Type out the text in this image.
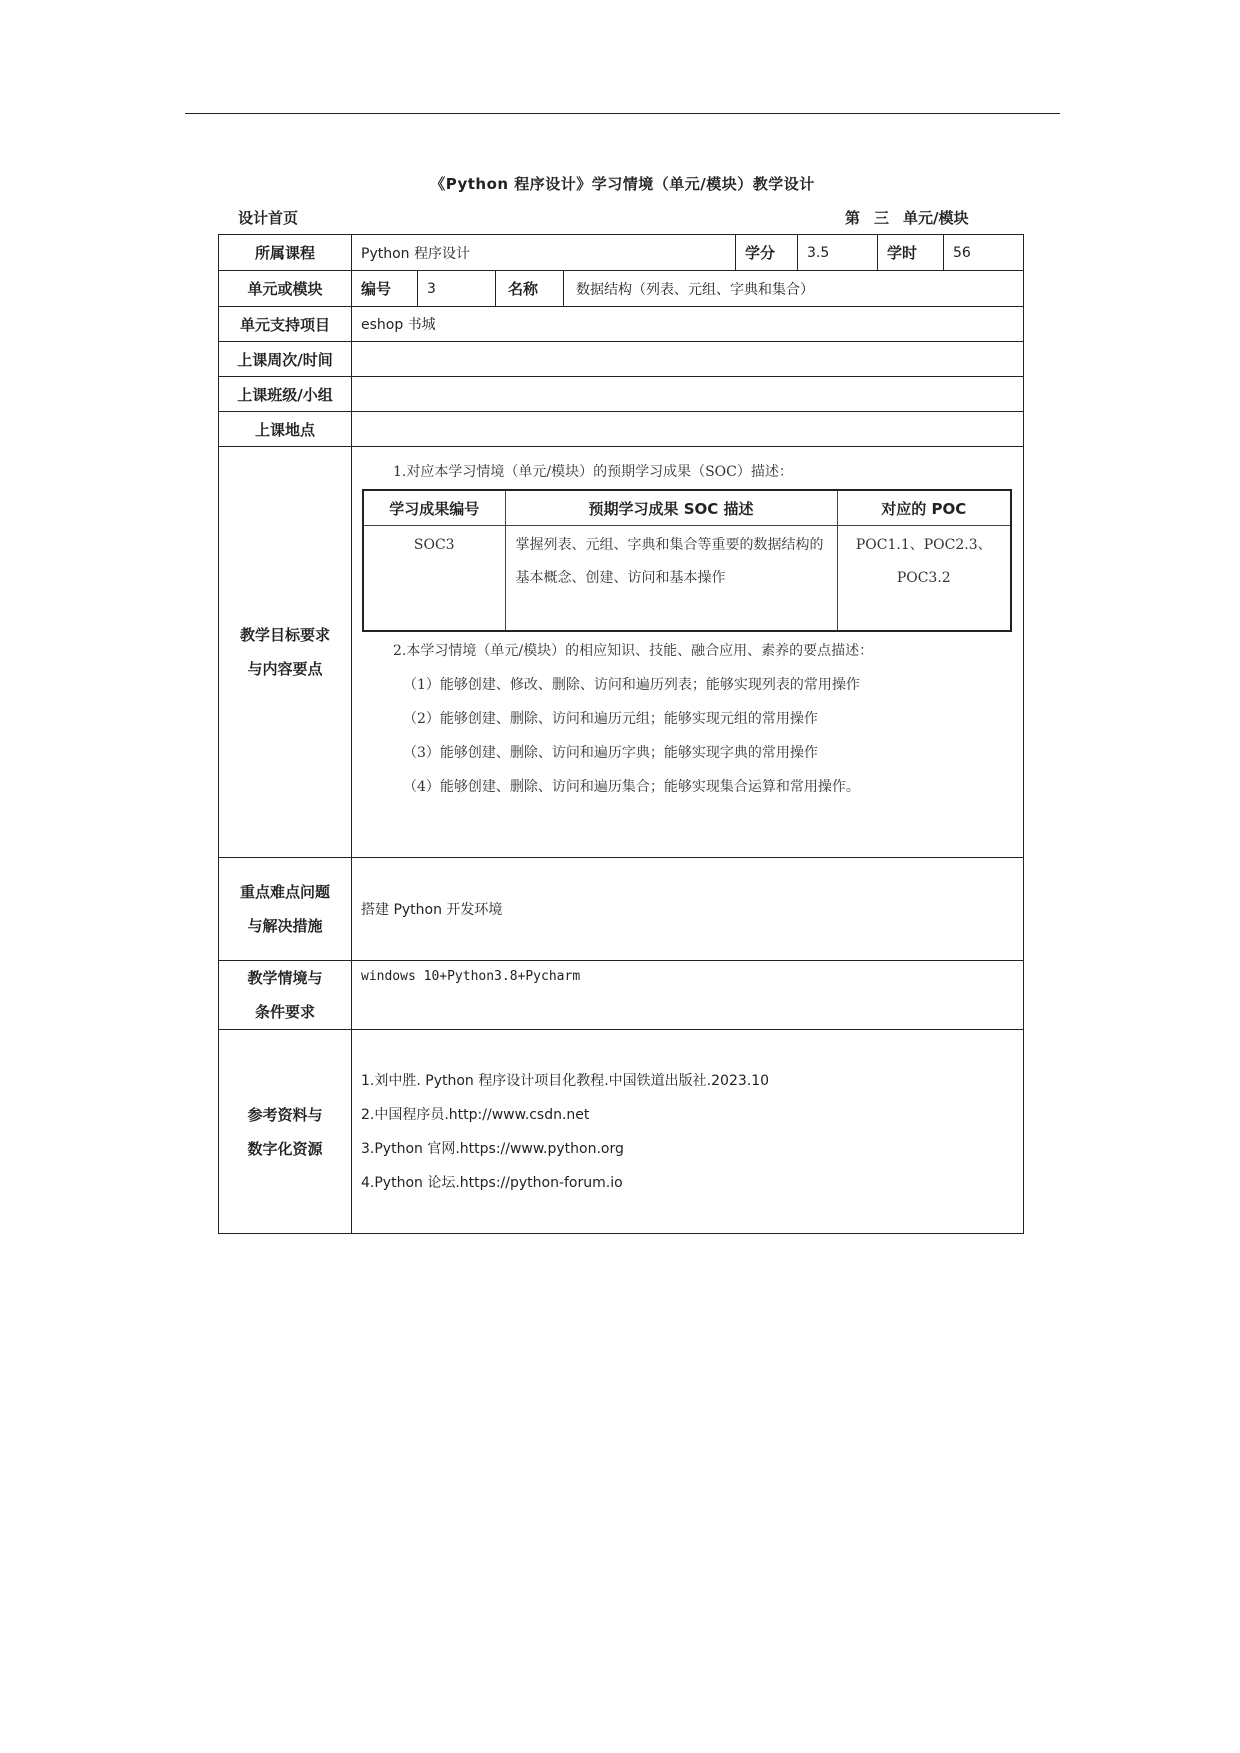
《Python 程序设计》学习情境（单元/模块）教学设计
设计首页	第 三 单元/模块
所属课程	Python 程序设计	学分	3.5	学时	56

单元或模块	编号	3	名称	数据结构（列表、元组、字典和集合）

单元支持项目	eshop 书城
上课周次/时间	
上课班级/小组	
上课地点	

教学目标要求
与内容要点

1.对应本学习情境（单元/模块）的预期学习成果（SOC）描述：

学习成果编号	预期学习成果 SOC 描述	对应的 POC
SOC3	掌握列表、元组、字典和集合等重要的数据结构的基本概念、创建、访问和基本操作	POC1.1、POC2.3、POC3.2

2.本学习情境（单元/模块）的相应知识、技能、融合应用、素养的要点描述：

（1）能够创建、修改、删除、访问和遍历列表；能够实现列表的常用操作

（2）能够创建、删除、访问和遍历元组；能够实现元组的常用操作

（3）能够创建、删除、访问和遍历字典；能够实现字典的常用操作

（4）能够创建、删除、访问和遍历集合；能够实现集合运算和常用操作。

重点难点问题
与解决措施
	搭建 Python 开发环境

教学情境与
条件要求
	windows 10+Python3.8+Pycharm

参考资料与
数字化资源

1.刘中胜. Python 程序设计项目化教程.中国铁道出版社.2023.10

2.中国程序员.http://www.csdn.net

3.Python 官网.https://www.python.org

4.Python 论坛.https://python-forum.io
